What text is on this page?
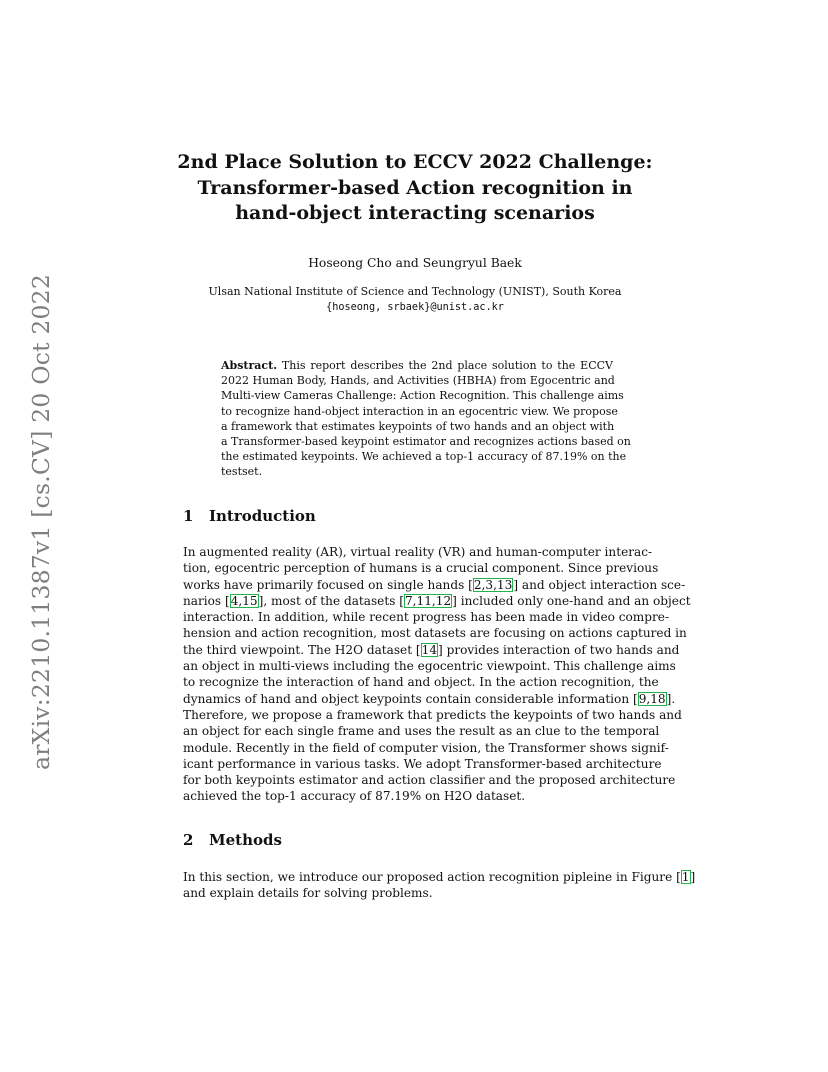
arXiv:2210.11387v1 [cs.CV] 20 Oct 2022
2nd Place Solution to ECCV 2022 Challenge:
Transformer-based Action recognition in
hand-object interacting scenarios
Hoseong Cho and Seungryul Baek
Ulsan National Institute of Science and Technology (UNIST), South Korea
{hoseong, srbaek}@unist.ac.kr
Abstract. This report describes the 2nd place solution to the ECCV
2022 Human Body, Hands, and Activities (HBHA) from Egocentric and
Multi-view Cameras Challenge: Action Recognition. This challenge aims
to recognize hand-object interaction in an egocentric view. We propose
a framework that estimates keypoints of two hands and an object with
a Transformer-based keypoint estimator and recognizes actions based on
the estimated keypoints. We achieved a top-1 accuracy of 87.19% on the
testset.
1 Introduction
In augmented reality (AR), virtual reality (VR) and human-computer interac-
tion, egocentric perception of humans is a crucial component. Since previous
works have primarily focused on single hands [2,3,13] and object interaction sce-
narios [4,15], most of the datasets [7,11,12] included only one-hand and an object
interaction. In addition, while recent progress has been made in video compre-
hension and action recognition, most datasets are focusing on actions captured in
the third viewpoint. The H2O dataset [14] provides interaction of two hands and
an object in multi-views including the egocentric viewpoint. This challenge aims
to recognize the interaction of hand and object. In the action recognition, the
dynamics of hand and object keypoints contain considerable information [9,18].
Therefore, we propose a framework that predicts the keypoints of two hands and
an object for each single frame and uses the result as an clue to the temporal
module. Recently in the field of computer vision, the Transformer shows signif-
icant performance in various tasks. We adopt Transformer-based architecture
for both keypoints estimator and action classifier and the proposed architecture
achieved the top-1 accuracy of 87.19% on H2O dataset.
2 Methods
In this section, we introduce our proposed action recognition pipleine in Figure [1]
and explain details for solving problems.
